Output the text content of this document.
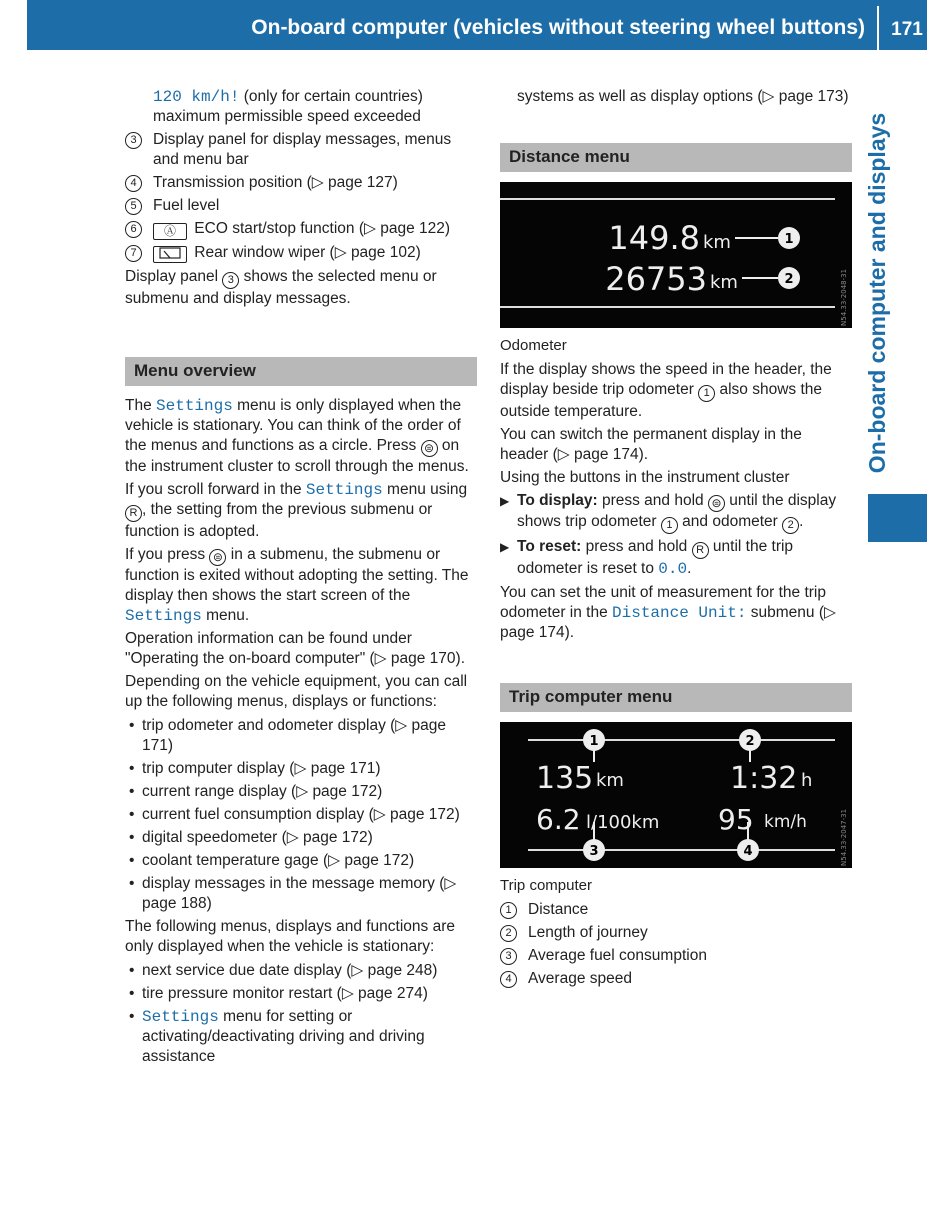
On-board computer (vehicles without steering wheel buttons)	171
On-board computer and displays

120 km/h! (only for certain countries) maximum permissible speed exceeded

3	Display panel for display messages, menus and menu bar
4	Transmission position (▷ page 127)
5	Fuel level
6	Ⓐ ECO start/stop function (▷ page 122)
7	Rear window wiper (▷ page 102)

Display panel 3 shows the selected menu or submenu and display messages.

Menu overview

The Settings menu is only displayed when the vehicle is stationary. You can think of the order of the menus and functions as a circle. Press ⊜ on the instrument cluster to scroll through the menus.

If you scroll forward in the Settings menu using R , the setting from the previous submenu or function is adopted.

If you press ⊜ in a submenu, the submenu or function is exited without adopting the setting. The display then shows the start screen of the Settings menu.

Operation information can be found under "Operating the on-board computer" (▷ page 170).

Depending on the vehicle equipment, you can call up the following menus, displays or functions:

• trip odometer and odometer display (▷ page 171)
• trip computer display (▷ page 171)
• current range display (▷ page 172)
• current fuel consumption display (▷ page 172)
• digital speedometer (▷ page 172)
• coolant temperature gage (▷ page 172)
• display messages in the message memory (▷ page 188)

The following menus, displays and functions are only displayed when the vehicle is stationary:

• next service due date display (▷ page 248)
• tire pressure monitor restart (▷ page 274)
• Settings menu for setting or activating/deactivating driving and driving assistance

systems as well as display options (▷ page 173)

Distance menu
149.8 km	1
26753 km	2	N54.33-2048-31
Odometer

If the display shows the speed in the header, the display beside trip odometer 1 also shows the outside temperature.

You can switch the permanent display in the header (▷ page 174).

Using the buttons in the instrument cluster

▶ To display: press and hold ⊜ until the display shows trip odometer 1 and odometer 2 .
▶ To reset: press and hold R until the trip odometer is reset to 0.0.

You can set the unit of measurement for the trip odometer in the Distance Unit: submenu (▷ page 174).

Trip computer menu
1	2
3	4
135 km	1:32 h
6.2 l/100km 95 km/h	N54.33-2047-31
Trip computer
1	Distance
2	Length of journey
3	Average fuel consumption
4	Average speed
